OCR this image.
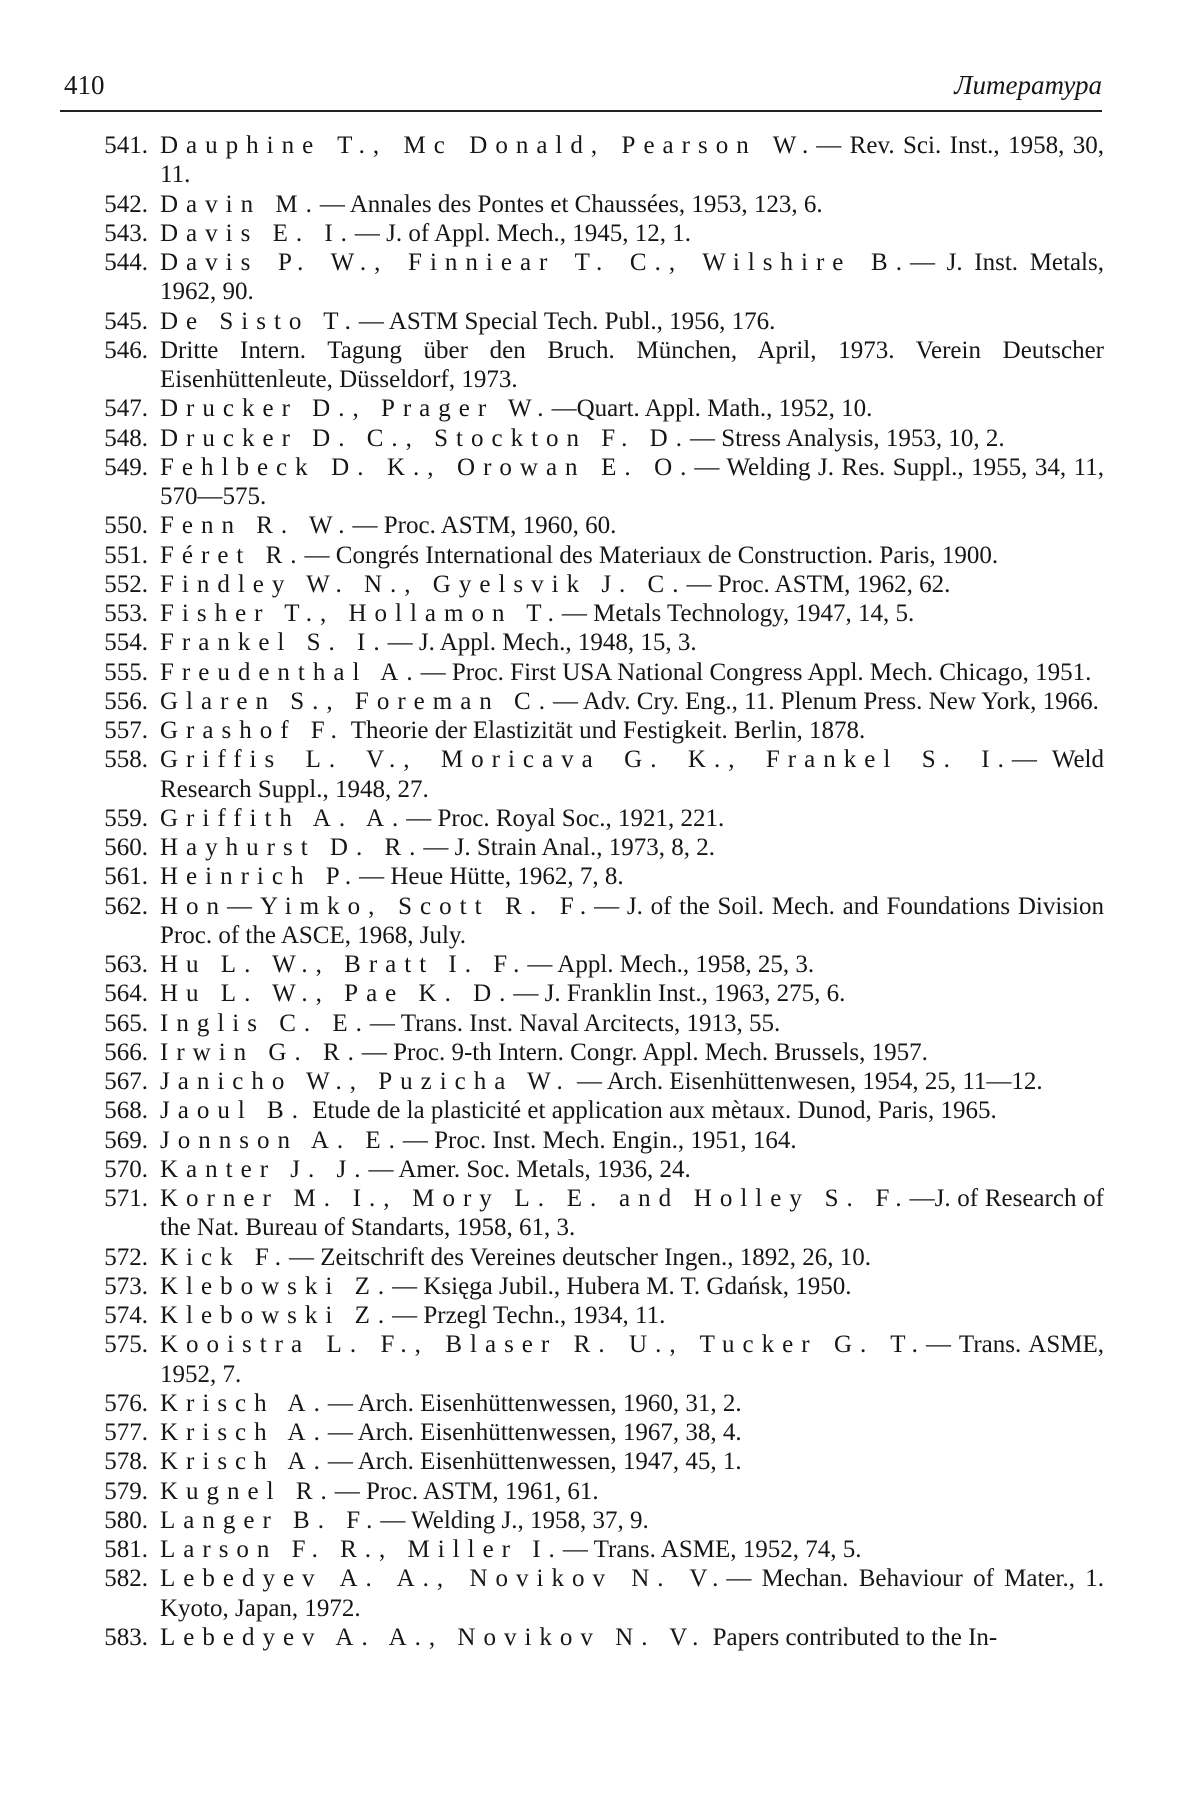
410	Литература
541. Dauphine T., Mc Donald, Pearson W.— Rev. Sci. Inst., 1958, 30, 11.
542. Davin M.— Annales des Pontes et Chaussées, 1953, 123, 6.
543. Davis E. I.— J. of Appl. Mech., 1945, 12, 1.
544. Davis P. W., Finniear T. C., Wilshire B.— J. Inst. Metals, 1962, 90.
545. De Sisto T.— ASTM Special Tech. Publ., 1956, 176.
546. Dritte Intern. Tagung über den Bruch. München, April, 1973. Verein Deutscher Eisenhüttenleute, Düsseldorf, 1973.
547. Drucker D., Prager W.—Quart. Appl. Math., 1952, 10.
548. Drucker D. C., Stockton F. D.— Stress Analysis, 1953, 10, 2.
549. Fehlbeck D. K., Orowan E. O.— Welding J. Res. Suppl., 1955, 34, 11, 570—575.
550. Fenn R. W.— Proc. ASTM, 1960, 60.
551. Féret R.— Congrés International des Materiaux de Construction. Paris, 1900.
552. Findley W. N., Gyelsvik J. C.— Proc. ASTM, 1962, 62.
553. Fisher T., Hollamon T.— Metals Technology, 1947, 14, 5.
554. Frankel S. I.— J. Appl. Mech., 1948, 15, 3.
555. Freudenthal A.— Proc. First USA National Congress Appl. Mech. Chicago, 1951.
556. Glaren S., Foreman C.— Adv. Cry. Eng., 11. Plenum Press. New York, 1966.
557. Grashof F. Theorie der Elastizität und Festigkeit. Berlin, 1878.
558. Griffis L. V., Moricava G. K., Frankel S. I.— Weld Research Suppl., 1948, 27.
559. Griffith A. A.— Proc. Royal Soc., 1921, 221.
560. Hayhurst D. R.— J. Strain Anal., 1973, 8, 2.
561. Heinrich P.— Heue Hütte, 1962, 7, 8.
562. Hon—Yimko, Scott R. F.— J. of the Soil. Mech. and Foundations Division Proc. of the ASCE, 1968, July.
563. Hu L. W., Bratt I. F.— Appl. Mech., 1958, 25, 3.
564. Hu L. W., Pae K. D.— J. Franklin Inst., 1963, 275, 6.
565. Inglis C. E.— Trans. Inst. Naval Arcitects, 1913, 55.
566. Irwin G. R.— Proc. 9-th Intern. Congr. Appl. Mech. Brussels, 1957.
567. Janicho W., Puzicha W. — Arch. Eisenhüttenwesen, 1954, 25, 11—12.
568. Jaoul B. Etude de la plasticité et application aux mètaux. Dunod, Paris, 1965.
569. Jonnson A. E.— Proc. Inst. Mech. Engin., 1951, 164.
570. Kanter J. J.— Amer. Soc. Metals, 1936, 24.
571. Korner M. I., Mory L. E. and Holley S. F.—J. of Research of the Nat. Bureau of Standarts, 1958, 61, 3.
572. Kick F.— Zeitschrift des Vereines deutscher Ingen., 1892, 26, 10.
573. Klebowski Z.— Księga Jubil., Hubera M. T. Gdańsk, 1950.
574. Klebowski Z.— Przegl Techn., 1934, 11.
575. Kooistra L. F., Blaser R. U., Tucker G. T.— Trans. ASME, 1952, 7.
576. Krisch A.— Arch. Eisenhüttenwessen, 1960, 31, 2.
577. Krisch A.— Arch. Eisenhüttenwessen, 1967, 38, 4.
578. Krisch A.— Arch. Eisenhüttenwessen, 1947, 45, 1.
579. Kugnel R.— Proc. ASTM, 1961, 61.
580. Langer B. F.— Welding J., 1958, 37, 9.
581. Larson F. R., Miller I.— Trans. ASME, 1952, 74, 5.
582. Lebedyev A. A., Novikov N. V.— Mechan. Behaviour of Mater., 1. Kyoto, Japan, 1972.
583. Lebedyev A. A., Novikov N. V. Papers contributed to the In-
